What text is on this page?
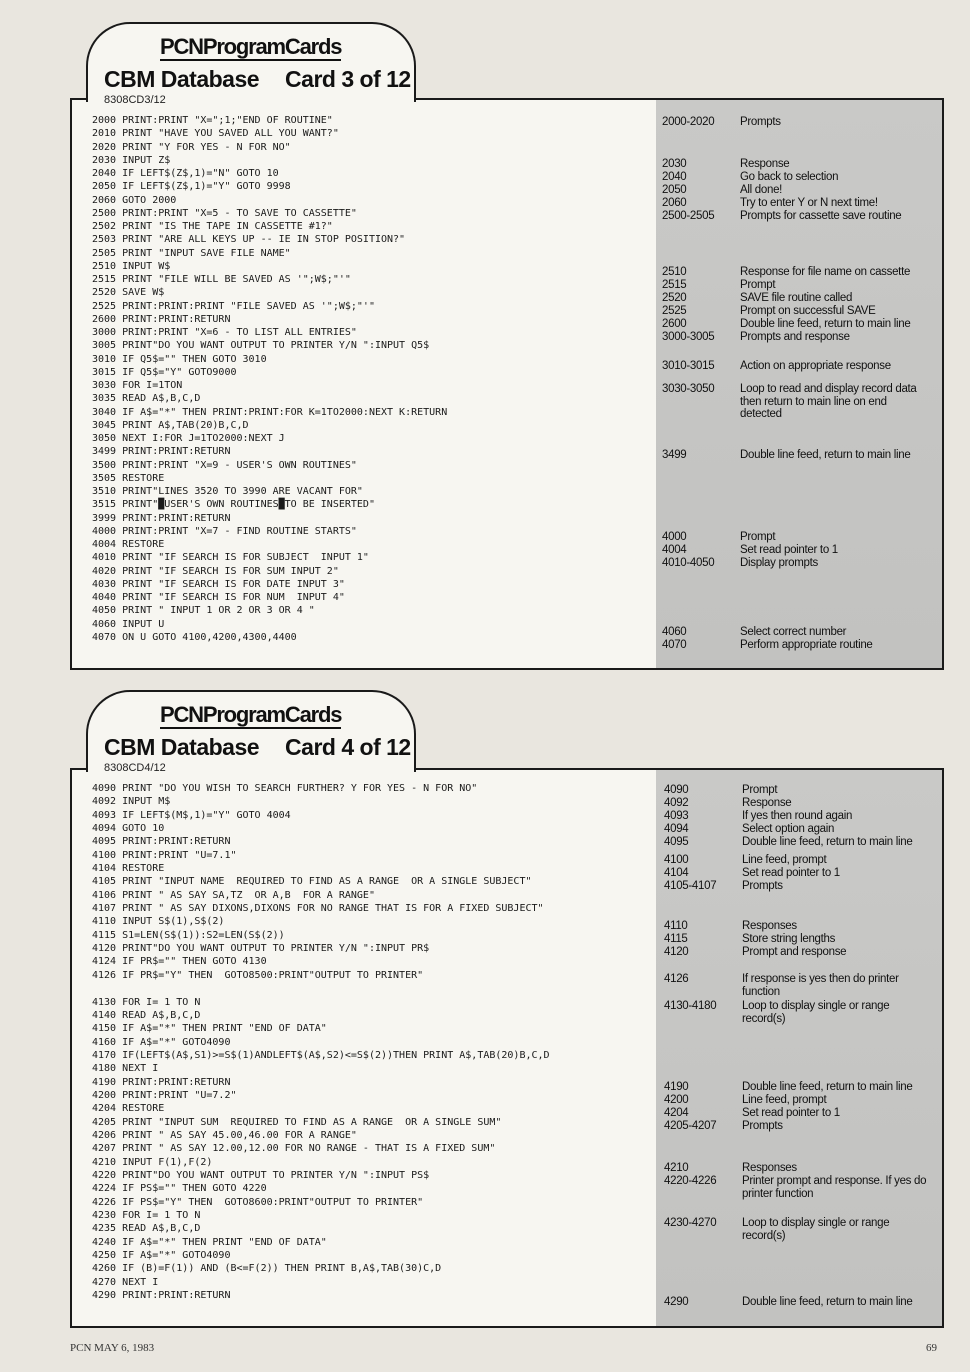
PCNProgramCards
CBM Database Card 3 of 12
8308CD3/12
2000 PRINT:PRINT "X=";1;"END OF ROUTINE"
2010 PRINT "HAVE YOU SAVED ALL YOU WANT?"
2020 PRINT "Y FOR YES - N FOR NO"
2030 INPUT Z$
2040 IF LEFT$(Z$,1)="N" GOTO 10
2050 IF LEFT$(Z$,1)="Y" GOTO 9998
2060 GOTO 2000
2500 PRINT:PRINT "X=5 - TO SAVE TO CASSETTE"
2502 PRINT "IS THE TAPE IN CASSETTE #1?"
2503 PRINT "ARE ALL KEYS UP -- IE IN STOP POSITION?"
2505 PRINT "INPUT SAVE FILE NAME"
2510 INPUT W$
2515 PRINT "FILE WILL BE SAVED AS '";W$;"'"
2520 SAVE W$
2525 PRINT:PRINT:PRINT "FILE SAVED AS '";W$;"'"
2600 PRINT:PRINT:RETURN
3000 PRINT:PRINT "X=6 - TO LIST ALL ENTRIES"
3005 PRINT"DO YOU WANT OUTPUT TO PRINTER Y/N ":INPUT Q5$
3010 IF Q5$="" THEN GOTO 3010
3015 IF Q5$="Y" GOTO9000
3030 FOR I=1TON
3035 READ A$,B,C,D
3040 IF A$="*" THEN PRINT:PRINT:FOR K=1TO2000:NEXT K:RETURN
3045 PRINT A$,TAB(20)B,C,D
3050 NEXT I:FOR J=1TO2000:NEXT J
3499 PRINT:PRINT:RETURN
3500 PRINT:PRINT "X=9 - USER'S OWN ROUTINES"
3505 RESTORE
3510 PRINT"LINES 3520 TO 3990 ARE VACANT FOR"
3515 PRINT"█USER'S OWN ROUTINES█TO BE INSERTED"
3999 PRINT:PRINT:RETURN
4000 PRINT:PRINT "X=7 - FIND ROUTINE STARTS"
4004 RESTORE
4010 PRINT "IF SEARCH IS FOR SUBJECT  INPUT 1"
4020 PRINT "IF SEARCH IS FOR SUM INPUT 2"
4030 PRINT "IF SEARCH IS FOR DATE INPUT 3"
4040 PRINT "IF SEARCH IS FOR NUM  INPUT 4"
4050 PRINT " INPUT 1 OR 2 OR 3 OR 4 "
4060 INPUT U
4070 ON U GOTO 4100,4200,4300,4400
2000-2020 Prompts
2030	Response
2040	Go back to selection
2050	All done!
2060	Try to enter Y or N next time!
2500-2505 Prompts for cassette save routine
2510	Response for file name on cassette
2515	Prompt
2520	SAVE file routine called
2525	Prompt on successful SAVE
2600	Double line feed, return to main line
3000-3005 Prompts and response
3010-3015 Action on appropriate response
3030-3050 Loop to read and display record data then return to main line on end detected
3499	Double line feed, return to main line
4000	Prompt
4004	Set read pointer to 1
4010-4050 Display prompts
4060	Select correct number
4070	Perform appropriate routine
PCNProgramCards
CBM Database Card 4 of 12
8308CD4/12
4090 PRINT "DO YOU WISH TO SEARCH FURTHER? Y FOR YES - N FOR NO"
4092 INPUT M$
4093 IF LEFT$(M$,1)="Y" GOTO 4004
4094 GOTO 10
4095 PRINT:PRINT:RETURN
4100 PRINT:PRINT "U=7.1"
4104 RESTORE
4105 PRINT "INPUT NAME  REQUIRED TO FIND AS A RANGE  OR A SINGLE SUBJECT"
4106 PRINT " AS SAY SA,TZ  OR A,B  FOR A RANGE"
4107 PRINT " AS SAY DIXONS,DIXONS FOR NO RANGE THAT IS FOR A FIXED SUBJECT"
4110 INPUT S$(1),S$(2)
4115 S1=LEN(S$(1)):S2=LEN(S$(2))
4120 PRINT"DO YOU WANT OUTPUT TO PRINTER Y/N ":INPUT PR$
4124 IF PR$="" THEN GOTO 4130
4126 IF PR$="Y" THEN  GOTO8500:PRINT"OUTPUT TO PRINTER"
4130 FOR I= 1 TO N
4140 READ A$,B,C,D
4150 IF A$="*" THEN PRINT "END OF DATA"
4160 IF A$="*" GOTO4090
4170 IF(LEFT$(A$,S1)>=S$(1)ANDLEFT$(A$,S2)<=S$(2))THEN PRINT A$,TAB(20)B,C,D
4180 NEXT I
4190 PRINT:PRINT:RETURN
4200 PRINT:PRINT "U=7.2"
4204 RESTORE
4205 PRINT "INPUT SUM  REQUIRED TO FIND AS A RANGE  OR A SINGLE SUM"
4206 PRINT " AS SAY 45.00,46.00 FOR A RANGE"
4207 PRINT " AS SAY 12.00,12.00 FOR NO RANGE - THAT IS A FIXED SUM"
4210 INPUT F(1),F(2)
4220 PRINT"DO YOU WANT OUTPUT TO PRINTER Y/N ":INPUT PS$
4224 IF PS$="" THEN GOTO 4220
4226 IF PS$="Y" THEN  GOTO8600:PRINT"OUTPUT TO PRINTER"
4230 FOR I= 1 TO N
4235 READ A$,B,C,D
4240 IF A$="*" THEN PRINT "END OF DATA"
4250 IF A$="*" GOTO4090
4260 IF (B)=F(1)) AND (B<=F(2)) THEN PRINT B,A$,TAB(30)C,D
4270 NEXT I
4290 PRINT:PRINT:RETURN
4090	Prompt
4092	Response
4093	If yes then round again
4094	Select option again
4095	Double line feed, return to main line
4100	Line feed, prompt
4104	Set read pointer to 1
4105-4107 Prompts
4110	Responses
4115	Store string lengths
4120	Prompt and response
4126	If response is yes then do printer function
4130-4180 Loop to display single or range record(s)
4190	Double line feed, return to main line
4200	Line feed, prompt
4204	Set read pointer to 1
4205-4207 Prompts
4210	Responses
4220-4226 Printer prompt and response. If yes do printer function
4230-4270 Loop to display single or range record(s)
4290	Double line feed, return to main line
PCN MAY 6, 1983	69
